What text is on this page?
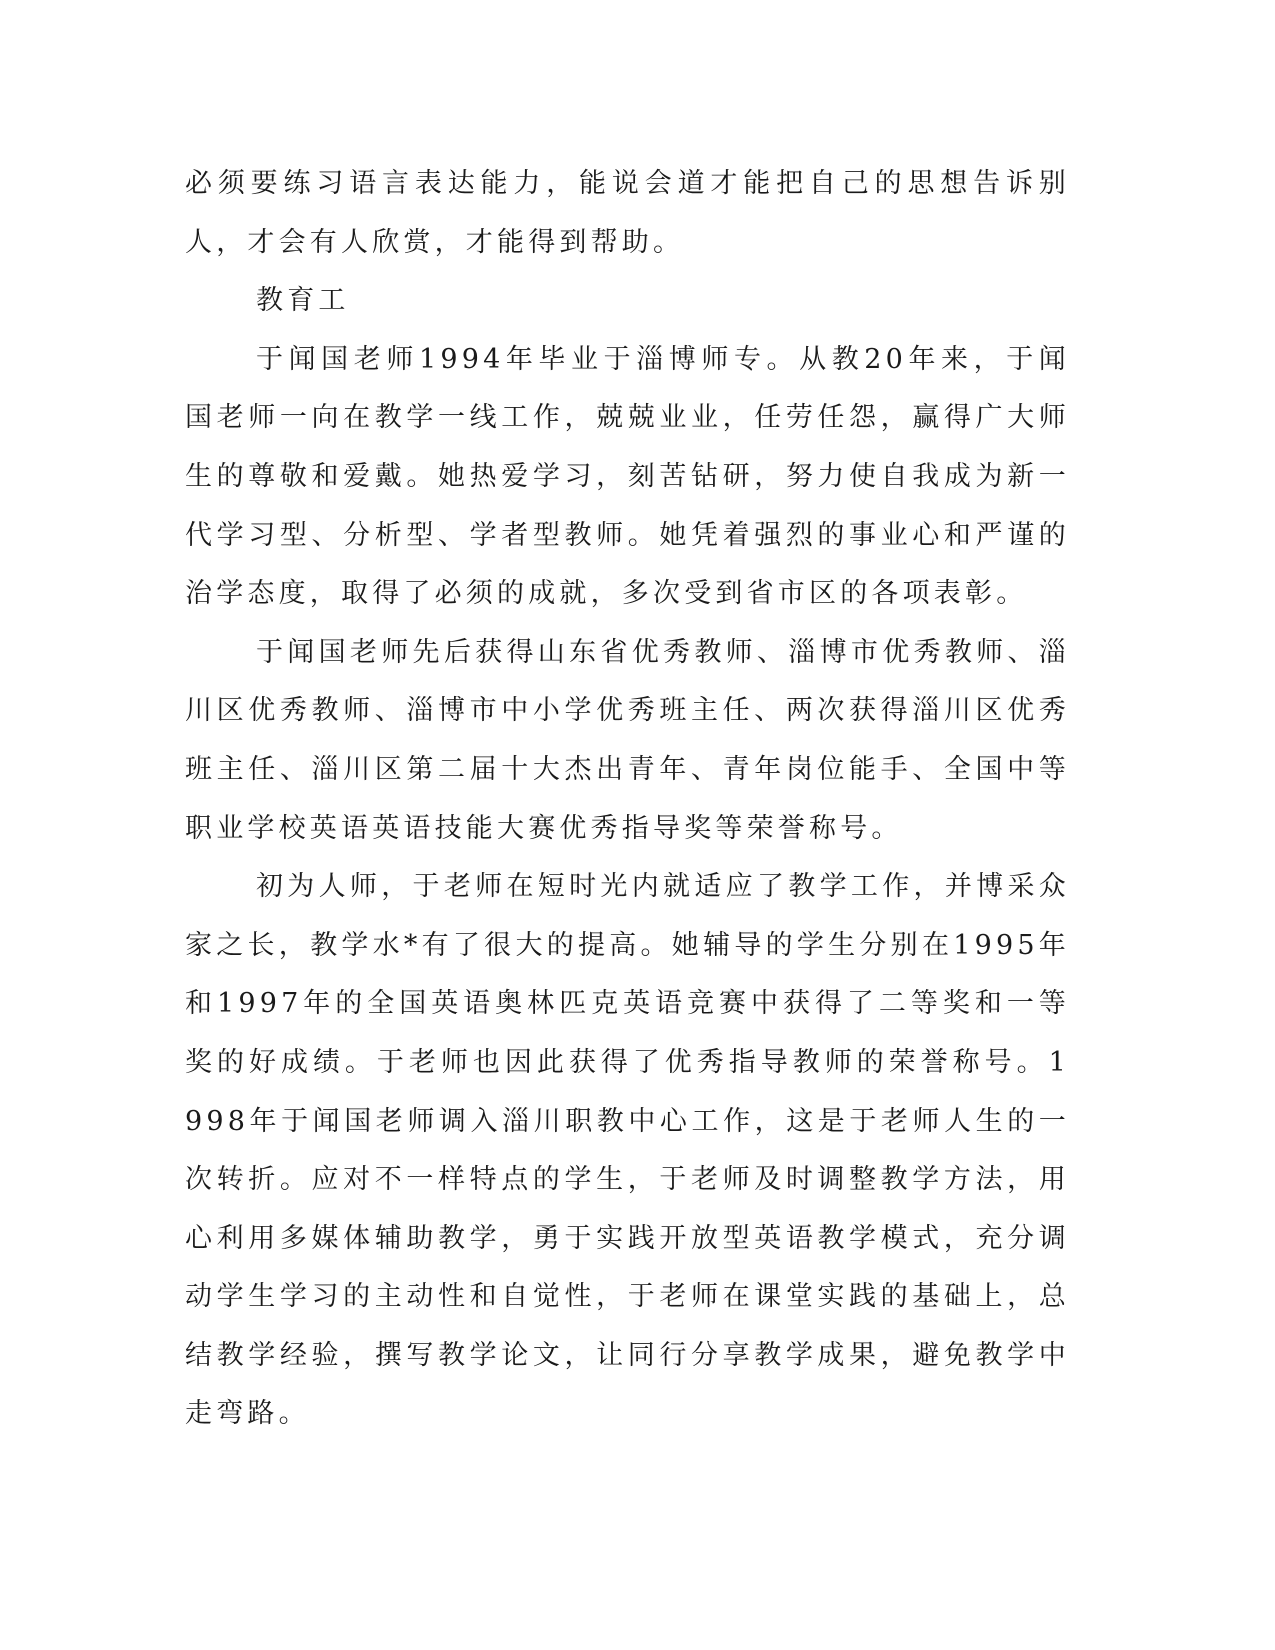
必须要练习语言表达能力，能说会道才能把自己的思想告诉别人，才会有人欣赏，才能得到帮助。

教育工

于闻国老师1994年毕业于淄博师专。从教20年来，于闻国老师一向在教学一线工作，兢兢业业，任劳任怨，赢得广大师生的尊敬和爱戴。她热爱学习，刻苦钻研，努力使自我成为新一代学习型、分析型、学者型教师。她凭着强烈的事业心和严谨的治学态度，取得了必须的成就，多次受到省市区的各项表彰。

于闻国老师先后获得山东省优秀教师、淄博市优秀教师、淄川区优秀教师、淄博市中小学优秀班主任、两次获得淄川区优秀班主任、淄川区第二届十大杰出青年、青年岗位能手、全国中等职业学校英语英语技能大赛优秀指导奖等荣誉称号。

初为人师，于老师在短时光内就适应了教学工作，并博采众家之长，教学水*有了很大的提高。她辅导的学生分别在1995年和1997年的全国英语奥林匹克英语竞赛中获得了二等奖和一等奖的好成绩。于老师也因此获得了优秀指导教师的荣誉称号。1998年于闻国老师调入淄川职教中心工作，这是于老师人生的一次转折。应对不一样特点的学生，于老师及时调整教学方法，用心利用多媒体辅助教学，勇于实践开放型英语教学模式，充分调动学生学习的主动性和自觉性，于老师在课堂实践的基础上，总结教学经验，撰写教学论文，让同行分享教学成果，避免教学中走弯路。
